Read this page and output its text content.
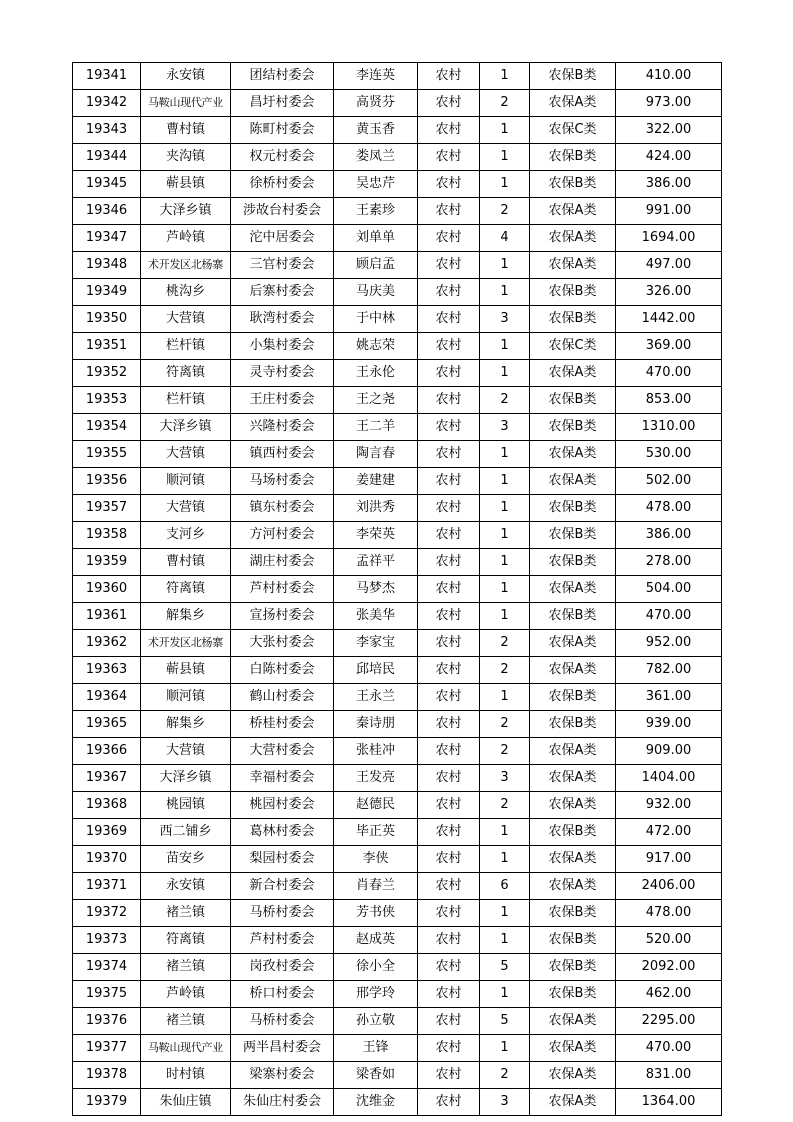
19341	永安镇	团结村委会	李连英	农村	1	农保B类	410.00
19342	马鞍山现代产业	昌圩村委会	高贤芬	农村	2	农保A类	973.00
19343	曹村镇	陈町村委会	黄玉香	农村	1	农保C类	322.00
19344	夹沟镇	权元村委会	娄凤兰	农村	1	农保B类	424.00
19345	蕲县镇	徐桥村委会	吴忠芹	农村	1	农保B类	386.00
19346	大泽乡镇	涉故台村委会	王素珍	农村	2	农保A类	991.00
19347	芦岭镇	沱中居委会	刘单单	农村	4	农保A类	1694.00
19348	术开发区北杨寨	三官村委会	顾启孟	农村	1	农保A类	497.00
19349	桃沟乡	后寨村委会	马庆美	农村	1	农保B类	326.00
19350	大营镇	耿湾村委会	于中林	农村	3	农保B类	1442.00
19351	栏杆镇	小集村委会	姚志荣	农村	1	农保C类	369.00
19352	符离镇	灵寺村委会	王永伦	农村	1	农保A类	470.00
19353	栏杆镇	王庄村委会	王之尧	农村	2	农保B类	853.00
19354	大泽乡镇	兴隆村委会	王二羊	农村	3	农保B类	1310.00
19355	大营镇	镇西村委会	陶言春	农村	1	农保A类	530.00
19356	顺河镇	马场村委会	姜建建	农村	1	农保A类	502.00
19357	大营镇	镇东村委会	刘洪秀	农村	1	农保B类	478.00
19358	支河乡	方河村委会	李荣英	农村	1	农保B类	386.00
19359	曹村镇	湖庄村委会	孟祥平	农村	1	农保B类	278.00
19360	符离镇	芦村村委会	马梦杰	农村	1	农保A类	504.00
19361	解集乡	宣扬村委会	张美华	农村	1	农保B类	470.00
19362	术开发区北杨寨	大张村委会	李家宝	农村	2	农保A类	952.00
19363	蕲县镇	白陈村委会	邱培民	农村	2	农保A类	782.00
19364	顺河镇	鹤山村委会	王永兰	农村	1	农保B类	361.00
19365	解集乡	桥桂村委会	秦诗朋	农村	2	农保B类	939.00
19366	大营镇	大营村委会	张桂冲	农村	2	农保A类	909.00
19367	大泽乡镇	幸福村委会	王发亮	农村	3	农保A类	1404.00
19368	桃园镇	桃园村委会	赵德民	农村	2	农保A类	932.00
19369	西二铺乡	葛林村委会	毕正英	农村	1	农保B类	472.00
19370	苗安乡	梨园村委会	李侠	农村	1	农保A类	917.00
19371	永安镇	新合村委会	肖春兰	农村	6	农保A类	2406.00
19372	褚兰镇	马桥村委会	芳书侠	农村	1	农保B类	478.00
19373	符离镇	芦村村委会	赵成英	农村	1	农保B类	520.00
19374	褚兰镇	岗孜村委会	徐小全	农村	5	农保B类	2092.00
19375	芦岭镇	桥口村委会	邢学玲	农村	1	农保B类	462.00
19376	褚兰镇	马桥村委会	孙立敬	农村	5	农保A类	2295.00
19377	马鞍山现代产业	两半昌村委会	王锋	农村	1	农保A类	470.00
19378	时村镇	梁寨村委会	梁香如	农村	2	农保A类	831.00
19379	朱仙庄镇	朱仙庄村委会	沈维金	农村	3	农保A类	1364.00
